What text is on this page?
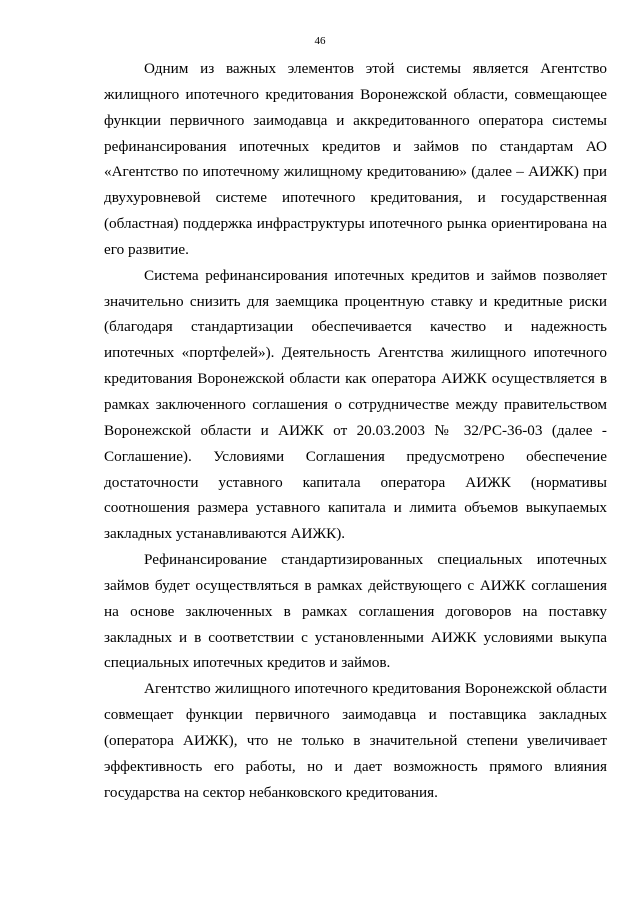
46

Одним из важных элементов этой системы является Агентство жилищного ипотечного кредитования Воронежской области, совмещающее функции первичного заимодавца и аккредитованного оператора системы рефинансирования ипотечных кредитов и займов по стандартам АО «Агентство по ипотечному жилищному кредитованию» (далее – АИЖК) при двухуровневой системе ипотечного кредитования, и государственная (областная) поддержка инфраструктуры ипотечного рынка ориентирована на его развитие.

Система рефинансирования ипотечных кредитов и займов позволяет значительно снизить для заемщика процентную ставку и кредитные риски (благодаря стандартизации обеспечивается качество и надежность ипотечных «портфелей»). Деятельность Агентства жилищного ипотечного кредитования Воронежской области как оператора АИЖК осуществляется в рамках заключенного соглашения о сотрудничестве между правительством Воронежской области и АИЖК от 20.03.2003 № 32/РС-36-03 (далее - Соглашение). Условиями Соглашения предусмотрено обеспечение достаточности уставного капитала оператора АИЖК (нормативы соотношения размера уставного капитала и лимита объемов выкупаемых закладных устанавливаются АИЖК).

Рефинансирование стандартизированных специальных ипотечных займов будет осуществляться в рамках действующего с АИЖК соглашения на основе заключенных в рамках соглашения договоров на поставку закладных и в соответствии с установленными АИЖК условиями выкупа специальных ипотечных кредитов и займов.

Агентство жилищного ипотечного кредитования Воронежской области совмещает функции первичного заимодавца и поставщика закладных (оператора АИЖК), что не только в значительной степени увеличивает эффективность его работы, но и дает возможность прямого влияния государства на сектор небанковского кредитования.
